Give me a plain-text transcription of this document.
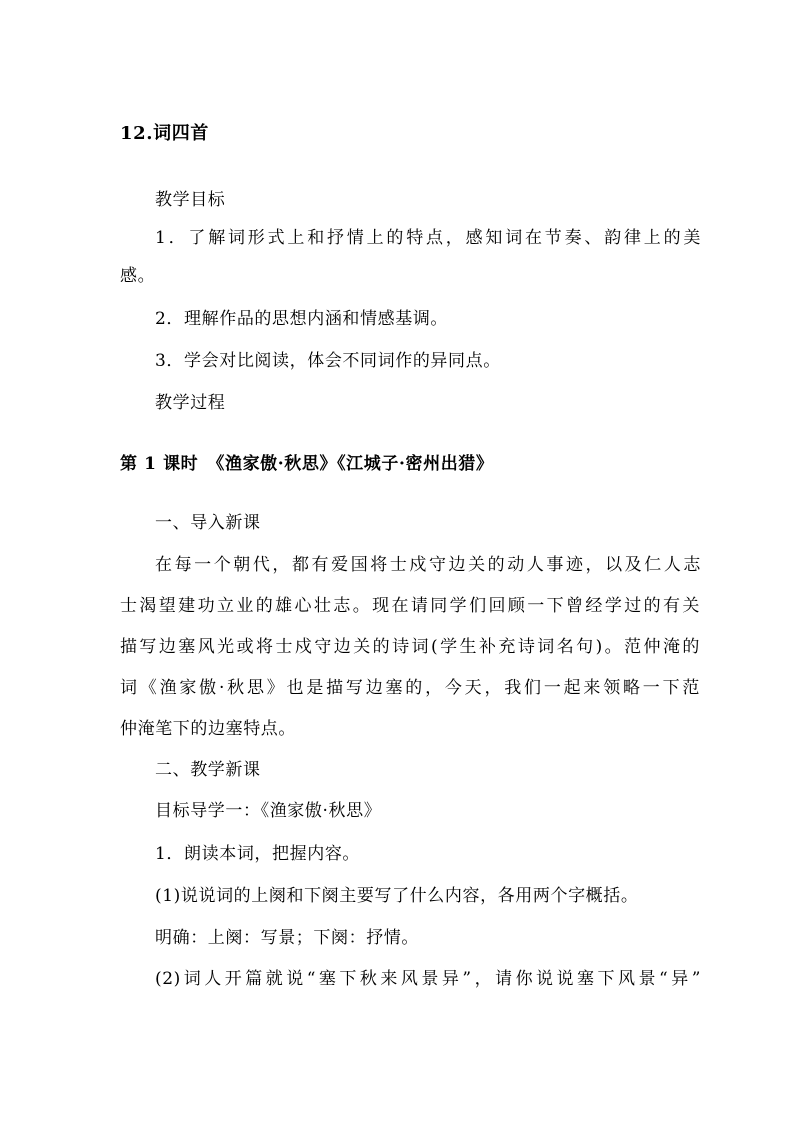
12.词四首
教学目标
1．了解词形式上和抒情上的特点，感知词在节奏、韵律上的美
感。
2．理解作品的思想内涵和情感基调。
3．学会对比阅读，体会不同词作的异同点。
教学过程
第 1 课时　《渔家傲·秋思》《江城子·密州出猎》
一、导入新课
在每一个朝代，都有爱国将士戍守边关的动人事迹，以及仁人志
士渴望建功立业的雄心壮志。现在请同学们回顾一下曾经学过的有关
描写边塞风光或将士戍守边关的诗词(学生补充诗词名句)。范仲淹的
词《渔家傲·秋思》也是描写边塞的，今天，我们一起来领略一下范
仲淹笔下的边塞特点。
二、教学新课
目标导学一：《渔家傲·秋思》
1．朗读本词，把握内容。
(1)说说词的上阕和下阕主要写了什么内容，各用两个字概括。
明确：上阕：写景；下阕：抒情。
(2)词人开篇就说“塞下秋来风景异”，请你说说塞下风景“异”
